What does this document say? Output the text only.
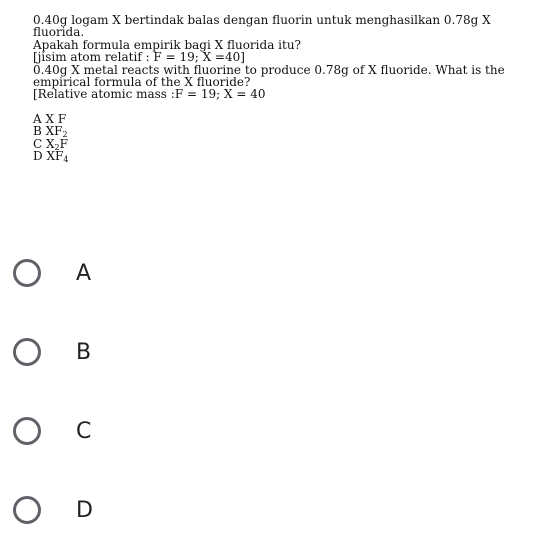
0.40g logam X bertindak balas dengan fluorin untuk menghasilkan 0.78g X fluorida.
Apakah formula empirik bagi X fluorida itu?
[jisim atom relatif : F = 19; X =40]
0.40g X metal reacts with fluorine to produce 0.78g of X fluoride. What is the empirical formula of the X fluoride?
[Relative atomic mass :F = 19; X = 40
A X F
B $XF_2$
C $X_2F$
D $XF_4$
A
B
C
D
